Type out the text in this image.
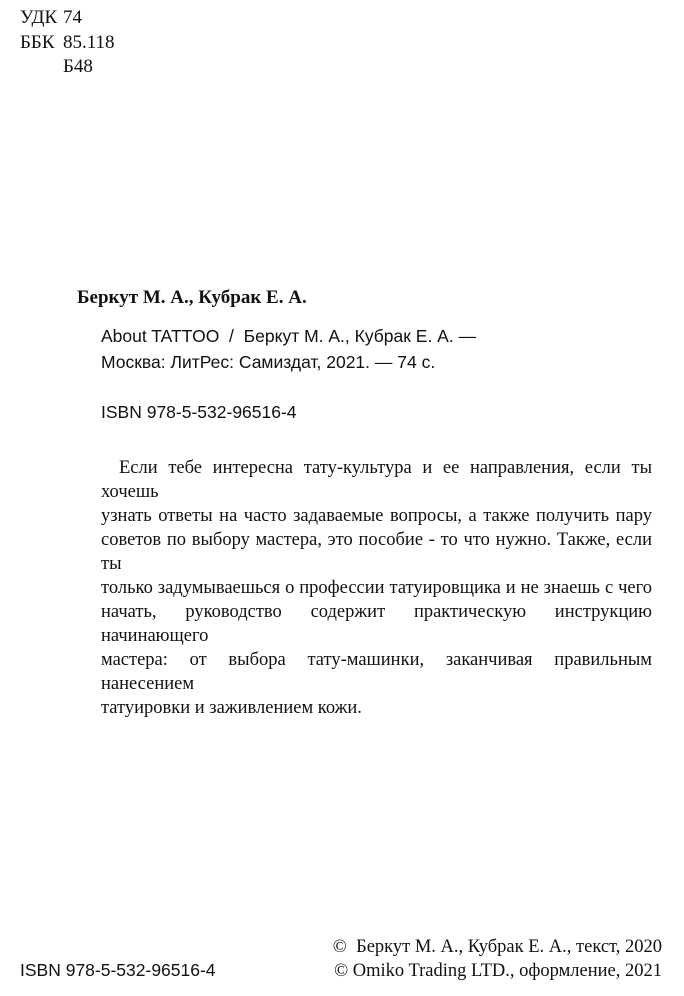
УДК 74
ББК 85.118
Б48
Беркут М. А., Кубрак Е. А.
About TATTOO  /  Беркут М. А., Кубрак Е. А. —
Москва: ЛитРес: Самиздат, 2021. — 74 с.
ISBN 978-5-532-96516-4
Если тебе интересна тату-культура и ее направления, если ты хочешь
узнать ответы на часто задаваемые вопросы, а также получить пару
советов по выбору мастера, это пособие - то что нужно. Также, если ты
только задумываешься о профессии татуировщика и не знаешь с чего
начать, руководство содержит практическую инструкцию начинающего
мастера: от выбора тату-машинки, заканчивая правильным нанесением
татуировки и заживлением кожи.
ISBN 978-5-532-96516-4
©  Беркут М. А., Кубрак Е. А., текст, 2020
© Omiko Trading LTD., оформление, 2021
